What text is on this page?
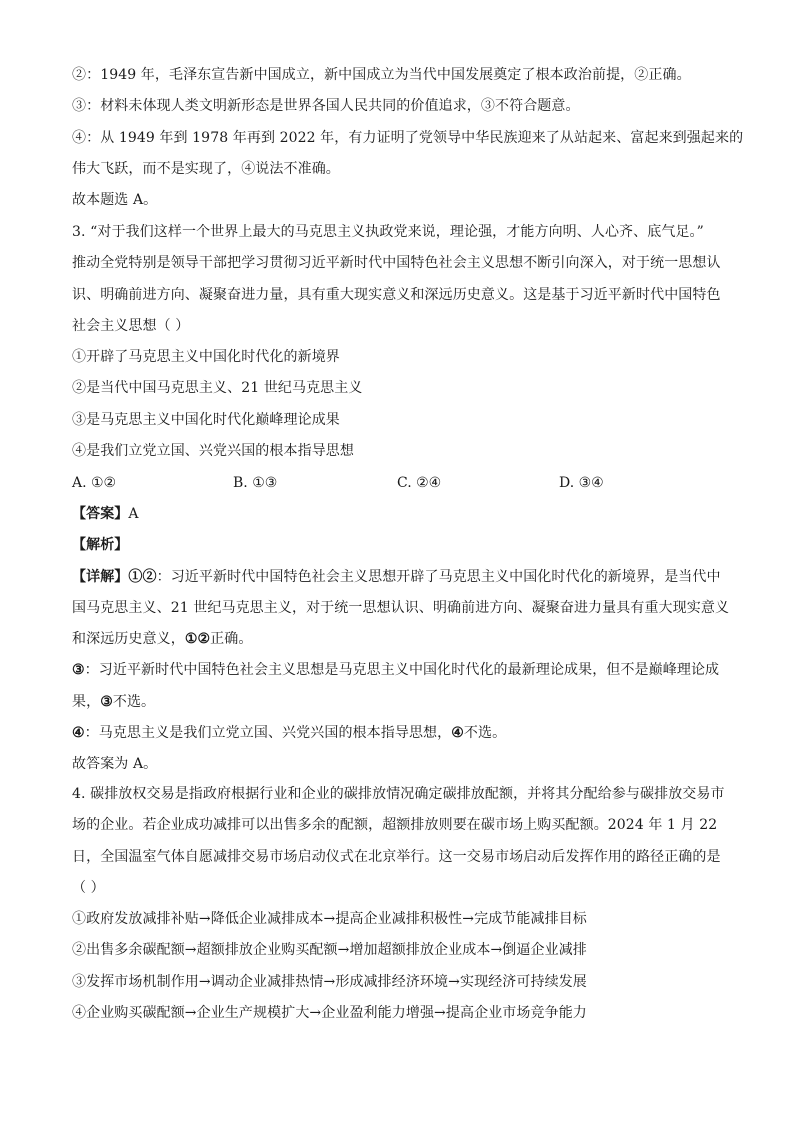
②：1949 年，毛泽东宣告新中国成立，新中国成立为当代中国发展奠定了根本政治前提，②正确。
③：材料未体现人类文明新形态是世界各国人民共同的价值追求，③不符合题意。
④：从 1949 年到 1978 年再到 2022 年，有力证明了党领导中华民族迎来了从站起来、富起来到强起来的
伟大飞跃，而不是实现了，④说法不准确。
故本题选 A。
3. “对于我们这样一个世界上最大的马克思主义执政党来说，理论强，才能方向明、人心齐、底气足。”
推动全党特别是领导干部把学习贯彻习近平新时代中国特色社会主义思想不断引向深入，对于统一思想认
识、明确前进方向、凝聚奋进力量，具有重大现实意义和深远历史意义。这是基于习近平新时代中国特色
社会主义思想（ ）
①开辟了马克思主义中国化时代化的新境界
②是当代中国马克思主义、21 世纪马克思主义
③是马克思主义中国化时代化巅峰理论成果
④是我们立党立国、兴党兴国的根本指导思想
A. ①②	B. ①③	C. ②④	D. ③④
【答案】A
【解析】
【详解】①②：习近平新时代中国特色社会主义思想开辟了马克思主义中国化时代化的新境界，是当代中
国马克思主义、21 世纪马克思主义，对于统一思想认识、明确前进方向、凝聚奋进力量具有重大现实意义
和深远历史意义，①②正确。
③：习近平新时代中国特色社会主义思想是马克思主义中国化时代化的最新理论成果，但不是巅峰理论成
果，③不选。
④：马克思主义是我们立党立国、兴党兴国的根本指导思想，④不选。
故答案为 A。
4. 碳排放权交易是指政府根据行业和企业的碳排放情况确定碳排放配额，并将其分配给参与碳排放交易市
场的企业。若企业成功减排可以出售多余的配额，超额排放则要在碳市场上购买配额。2024 年 1 月 22
日，全国温室气体自愿减排交易市场启动仪式在北京举行。这一交易市场启动后发挥作用的路径正确的是
（ ）
①政府发放减排补贴→降低企业减排成本→提高企业减排积极性→完成节能减排目标
②出售多余碳配额→超额排放企业购买配额→增加超额排放企业成本→倒逼企业减排
③发挥市场机制作用→调动企业减排热情→形成减排经济环境→实现经济可持续发展
④企业购买碳配额→企业生产规模扩大→企业盈利能力增强→提高企业市场竞争能力
